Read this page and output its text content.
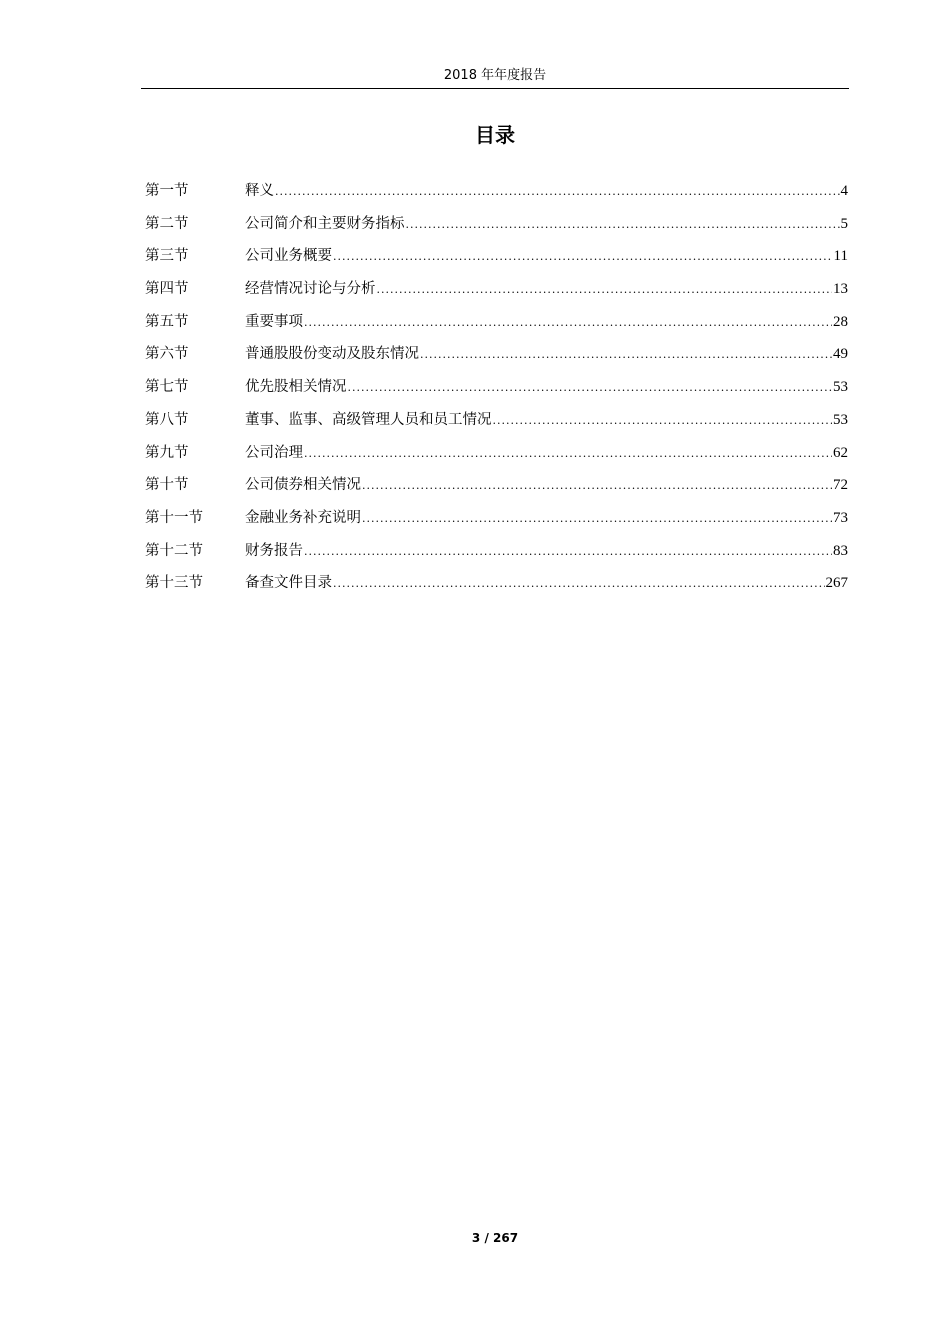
2018 年年度报告
目录
第一节	释义 .....	4
第二节	公司简介和主要财务指标 .....	5
第三节	公司业务概要 .....	11
第四节	经营情况讨论与分析 .....	13
第五节	重要事项 .....	28
第六节	普通股股份变动及股东情况 .....	49
第七节	优先股相关情况 .....	53
第八节	董事、监事、高级管理人员和员工情况 .....	53
第九节	公司治理 .....	62
第十节	公司债券相关情况 .....	72
第十一节	金融业务补充说明 .....	73
第十二节	财务报告 .....	83
第十三节	备查文件目录 .....	267
3 / 267
